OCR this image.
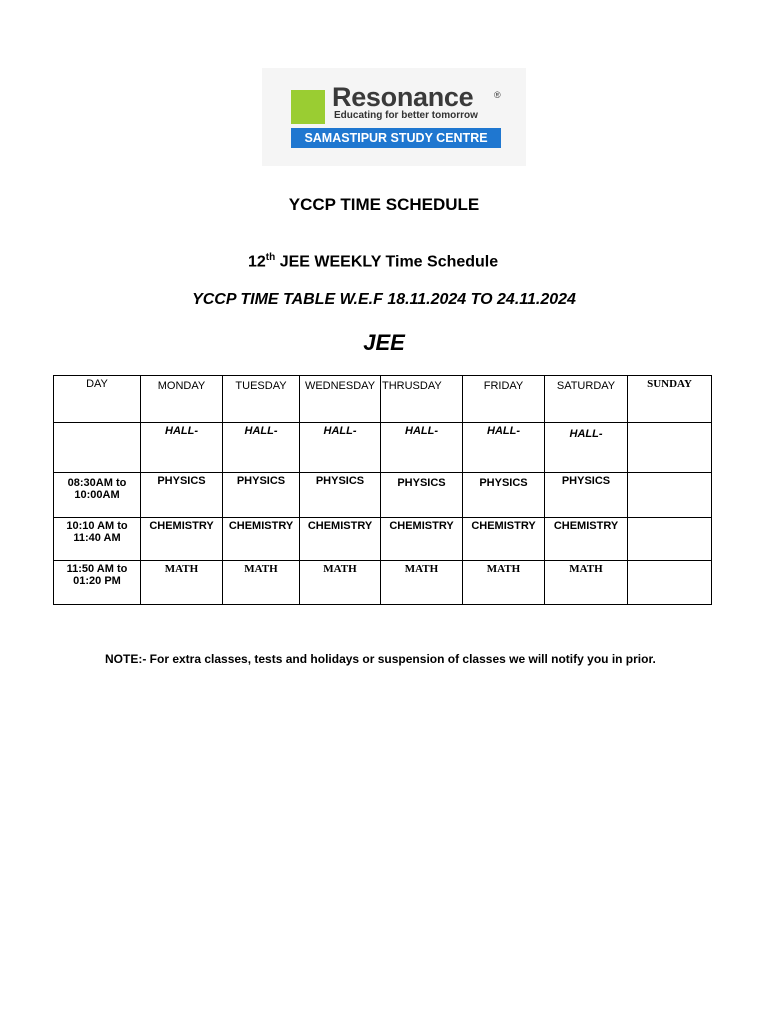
Resonance ®
Educating for better tomorrow
SAMASTIPUR STUDY CENTRE
YCCP TIME SCHEDULE
12th JEE WEEKLY Time Schedule
YCCP TIME TABLE W.E.F 18.11.2024 TO 24.11.2024
JEE
DAY	MONDAY	TUESDAY	WEDNESDAY	THRUSDAY	FRIDAY	SATURDAY	SUNDAY
	HALL-	HALL-	HALL-	HALL-	HALL-	HALL-	
08:30AM to 10:00AM	PHYSICS	PHYSICS	PHYSICS	PHYSICS	PHYSICS	PHYSICS	
10:10 AM to 11:40 AM	CHEMISTRY	CHEMISTRY	CHEMISTRY	CHEMISTRY	CHEMISTRY	CHEMISTRY	
11:50 AM to 01:20 PM	MATH	MATH	MATH	MATH	MATH	MATH	
NOTE:- For extra classes, tests and holidays or suspension of classes we will notify you in prior.
